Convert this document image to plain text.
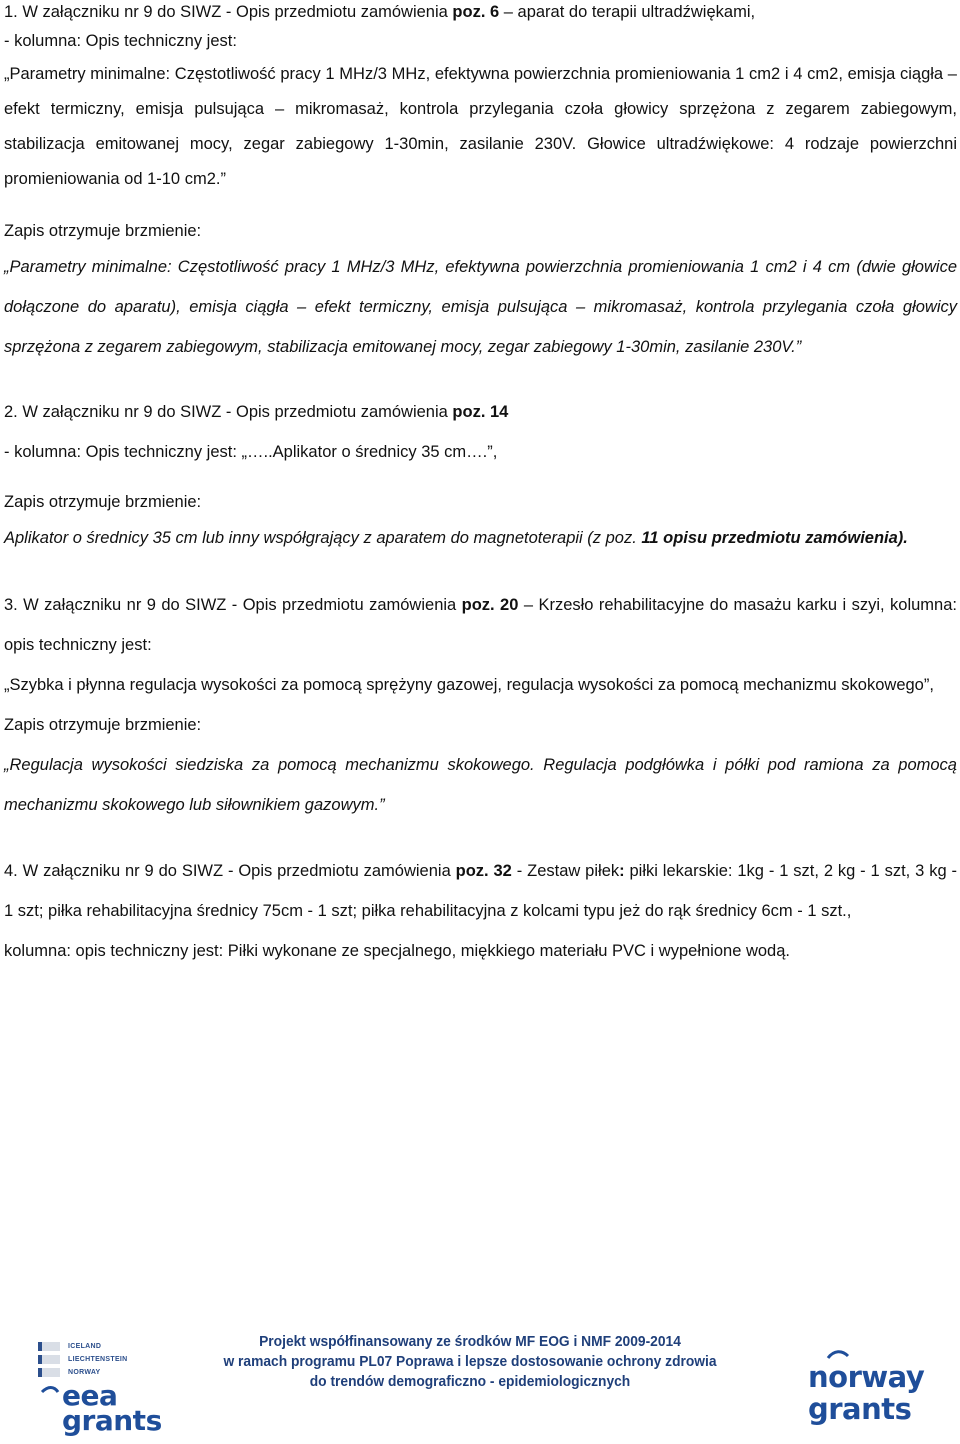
1. W załączniku nr 9 do SIWZ - Opis przedmiotu zamówienia poz. 6 – aparat do terapii ultradźwiękami,

- kolumna: Opis techniczny jest:

„Parametry minimalne: Częstotliwość pracy 1 MHz/3 MHz, efektywna powierzchnia promieniowania 1 cm2 i 4 cm2, emisja ciągła – efekt termiczny, emisja pulsująca – mikromasaż, kontrola przylegania czoła głowicy sprzężona z zegarem zabiegowym, stabilizacja emitowanej mocy, zegar zabiegowy 1-30min, zasilanie 230V. Głowice ultradźwiękowe: 4 rodzaje powierzchni promieniowania od 1-10 cm2.”

Zapis otrzymuje brzmienie:

„Parametry minimalne: Częstotliwość pracy 1 MHz/3 MHz, efektywna powierzchnia promieniowania 1 cm2 i 4 cm (dwie głowice dołączone do aparatu), emisja ciągła – efekt termiczny, emisja pulsująca – mikromasaż, kontrola przylegania czoła głowicy sprzężona z zegarem zabiegowym, stabilizacja emitowanej mocy, zegar zabiegowy 1-30min, zasilanie 230V.”

2. W załączniku nr 9 do SIWZ - Opis przedmiotu zamówienia poz. 14

- kolumna: Opis techniczny jest: „…..Aplikator o średnicy 35 cm….”,

Zapis otrzymuje brzmienie:

Aplikator o średnicy 35 cm lub inny współgrający z aparatem do magnetoterapii (z poz. 11 opisu przedmiotu zamówienia).

3. W załączniku nr 9 do SIWZ - Opis przedmiotu zamówienia poz. 20 – Krzesło rehabilitacyjne do masażu karku i szyi, kolumna: opis techniczny jest:

„Szybka i płynna regulacja wysokości za pomocą sprężyny gazowej, regulacja wysokości za pomocą mechanizmu skokowego”,

Zapis otrzymuje brzmienie:

„Regulacja wysokości siedziska za pomocą mechanizmu skokowego. Regulacja podgłówka i półki pod ramiona za pomocą mechanizmu skokowego lub siłownikiem gazowym.”

4. W załączniku nr 9 do SIWZ - Opis przedmiotu zamówienia poz. 32 - Zestaw piłek: piłki lekarskie: 1kg - 1 szt, 2 kg - 1 szt, 3 kg - 1 szt; piłka rehabilitacyjna średnicy 75cm - 1 szt; piłka rehabilitacyjna z kolcami typu jeż do rąk średnicy 6cm - 1 szt.,

kolumna: opis techniczny jest: Piłki wykonane ze specjalnego, miękkiego materiału PVC i wypełnione wodą.

ICELAND
LIECHTENSTEIN
NORWAY
eea
grants
Projekt współfinansowany ze środków MF EOG i NMF 2009-2014
w ramach programu PL07 Poprawa i lepsze dostosowanie ochrony zdrowia
do trendów demograficzno - epidemiologicznych	norway
grants
